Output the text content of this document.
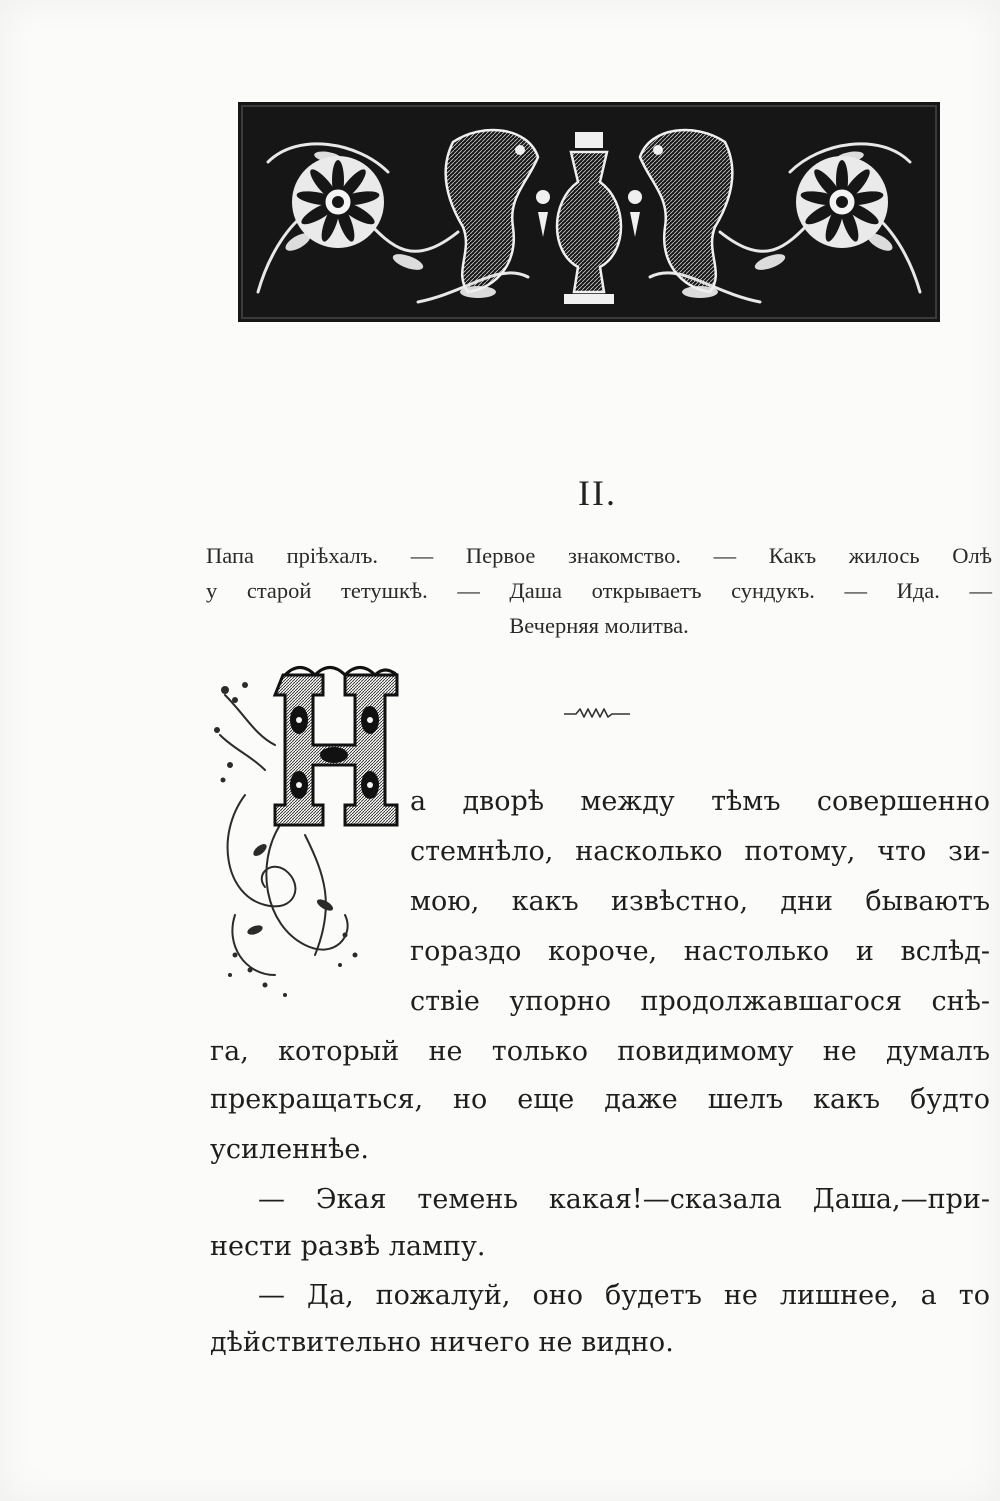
II.
Папа прiѣхалъ. — Первое знакомство. — Какъ жилось Олѣ
у старой тетушкѣ. — Даша открываетъ сундукъ. — Ида. —
Вечерняя молитва.
а дворѣ между тѣмъ совершенно
стемнѣло, насколько потому, что зи-
мою, какъ извѣстно, дни бываютъ
гораздо короче, настолько и вслѣд-
ствiе упорно продолжавшагося снѣ-
га, который не только повидимому не думалъ
прекращаться, но еще даже шелъ какъ будто
усиленнѣе.
— Экая темень какая!—сказала Даша,—при-
нести развѣ лампу.
— Да, пожалуй, оно будетъ не лишнее, а то
дѣйствительно ничего не видно.
